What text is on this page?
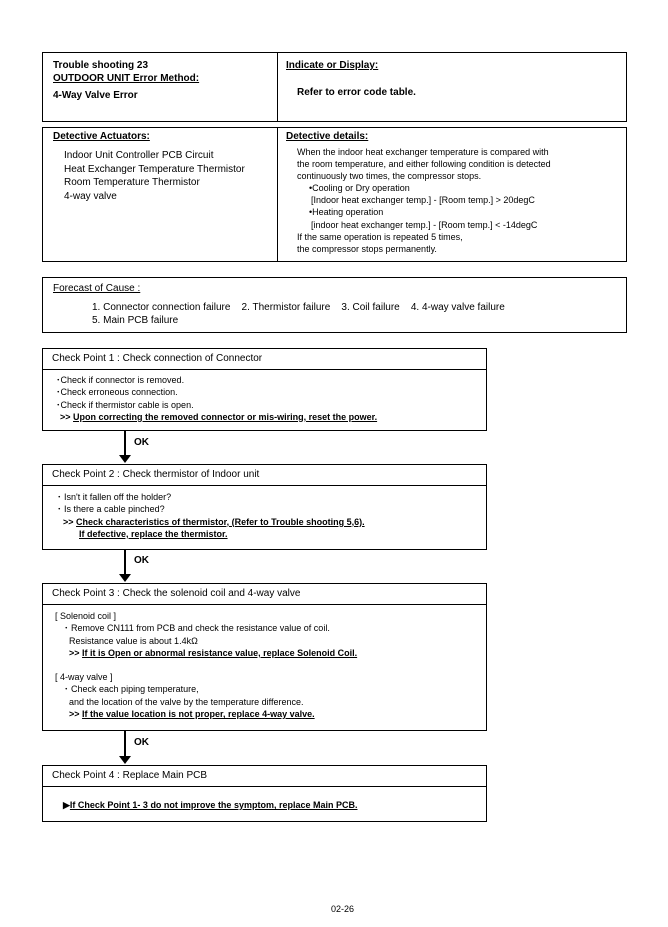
Trouble shooting 23
OUTDOOR UNIT Error Method:
4-Way Valve Error
Indicate or Display:
Refer to error code table.
Detective Actuators:
Indoor Unit Controller PCB Circuit
Heat Exchanger Temperature Thermistor
Room Temperature Thermistor
4-way valve
Detective details:
When the indoor heat exchanger temperature is compared with
the room temperature, and either following condition is detected
continuously two times, the compressor stops.
•Cooling or Dry operation
[Indoor heat exchanger temp.] - [Room temp.] > 20degC
•Heating operation
[indoor heat exchanger temp.] - [Room temp.] < -14degC
If the same operation is repeated 5 times,
the compressor stops permanently.
Forecast of Cause :
1. Connector connection failure    2. Thermistor failure    3. Coil failure    4. 4-way valve failure
5. Main PCB failure
Check Point 1 : Check connection of Connector
･Check if connector is removed.
･Check erroneous connection.
･Check if thermistor cable is open.
>> Upon correcting the removed connector or mis-wiring, reset the power.
OK
Check Point 2 : Check thermistor of Indoor unit
･ Isn't it fallen off the holder?
･ Is there a cable pinched?
>> Check characteristics of thermistor, (Refer to Trouble shooting 5,6).
If defective, replace the thermistor.
OK
Check Point 3 : Check the solenoid coil and 4-way valve
[ Solenoid coil ]
･ Remove CN111 from PCB and check the resistance value of coil.
Resistance value is about 1.4kΩ
>> If it is Open or abnormal resistance value, replace Solenoid Coil.
[ 4-way valve ]
･ Check each piping temperature,
and the location of the valve by the temperature difference.
>> If the value location is not proper, replace 4-way valve.
OK
Check Point 4 : Replace Main PCB
▶If Check Point 1- 3 do not improve the symptom, replace Main PCB.
02-26
